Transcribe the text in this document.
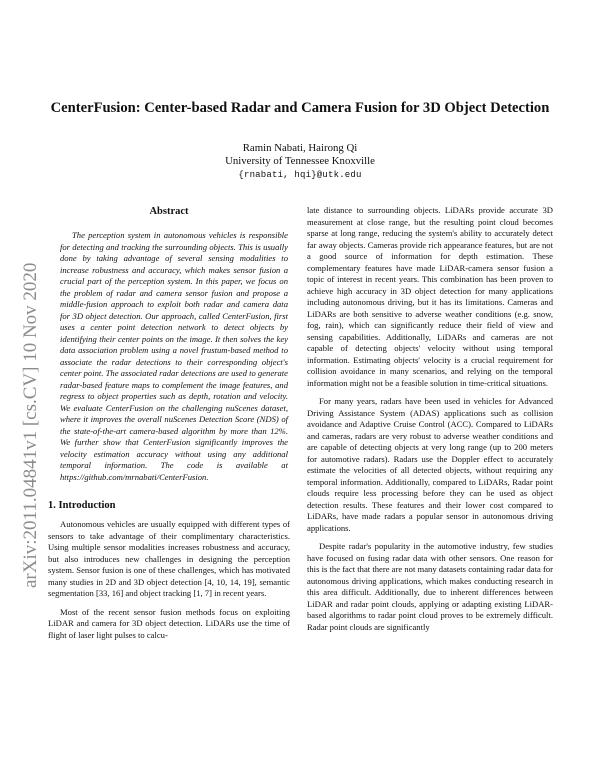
CenterFusion: Center-based Radar and Camera Fusion for 3D Object Detection
Ramin Nabati, Hairong Qi
University of Tennessee Knoxville
{rnabati, hqi}@utk.edu
arXiv:2011.04841v1 [cs.CV] 10 Nov 2020
Abstract

The perception system in autonomous vehicles is responsible for detecting and tracking the surrounding objects. This is usually done by taking advantage of several sensing modalities to increase robustness and accuracy, which makes sensor fusion a crucial part of the perception system. In this paper, we focus on the problem of radar and camera sensor fusion and propose a middle-fusion approach to exploit both radar and camera data for 3D object detection. Our approach, called CenterFusion, first uses a center point detection network to detect objects by identifying their center points on the image. It then solves the key data association problem using a novel frustum-based method to associate the radar detections to their corresponding object's center point. The associated radar detections are used to generate radar-based feature maps to complement the image features, and regress to object properties such as depth, rotation and velocity. We evaluate CenterFusion on the challenging nuScenes dataset, where it improves the overall nuScenes Detection Score (NDS) of the state-of-the-art camera-based algorithm by more than 12%. We further show that CenterFusion significantly improves the velocity estimation accuracy without using any additional temporal information. The code is available at https://github.com/mrnabati/CenterFusion.

1. Introduction

Autonomous vehicles are usually equipped with different types of sensors to take advantage of their complimentary characteristics. Using multiple sensor modalities increases robustness and accuracy, but also introduces new challenges in designing the perception system. Sensor fusion is one of these challenges, which has motivated many studies in 2D and 3D object detection [4, 10, 14, 19], semantic segmentation [33, 16] and object tracking [1, 7] in recent years.

Most of the recent sensor fusion methods focus on exploiting LiDAR and camera for 3D object detection. LiDARs use the time of flight of laser light pulses to calcu-

late distance to surrounding objects. LiDARs provide accurate 3D measurement at close range, but the resulting point cloud becomes sparse at long range, reducing the system's ability to accurately detect far away objects. Cameras provide rich appearance features, but are not a good source of information for depth estimation. These complementary features have made LiDAR-camera sensor fusion a topic of interest in recent years. This combination has been proven to achieve high accuracy in 3D object detection for many applications including autonomous driving, but it has its limitations. Cameras and LiDARs are both sensitive to adverse weather conditions (e.g. snow, fog, rain), which can significantly reduce their field of view and sensing capabilities. Additionally, LiDARs and cameras are not capable of detecting objects' velocity without using temporal information. Estimating objects' velocity is a crucial requirement for collision avoidance in many scenarios, and relying on the temporal information might not be a feasible solution in time-critical situations.

For many years, radars have been used in vehicles for Advanced Driving Assistance System (ADAS) applications such as collision avoidance and Adaptive Cruise Control (ACC). Compared to LiDARs and cameras, radars are very robust to adverse weather conditions and are capable of detecting objects at very long range (up to 200 meters for automotive radars). Radars use the Doppler effect to accurately estimate the velocities of all detected objects, without requiring any temporal information. Additionally, compared to LiDARs, Radar point clouds require less processing before they can be used as object detection results. These features and their lower cost compared to LiDARs, have made radars a popular sensor in autonomous driving applications.

Despite radar's popularity in the automotive industry, few studies have focused on fusing radar data with other sensors. One reason for this is the fact that there are not many datasets containing radar data for autonomous driving applications, which makes conducting research in this area difficult. Additionally, due to inherent differences between LiDAR and radar point clouds, applying or adapting existing LiDAR-based algorithms to radar point cloud proves to be extremely difficult. Radar point clouds are significantly
